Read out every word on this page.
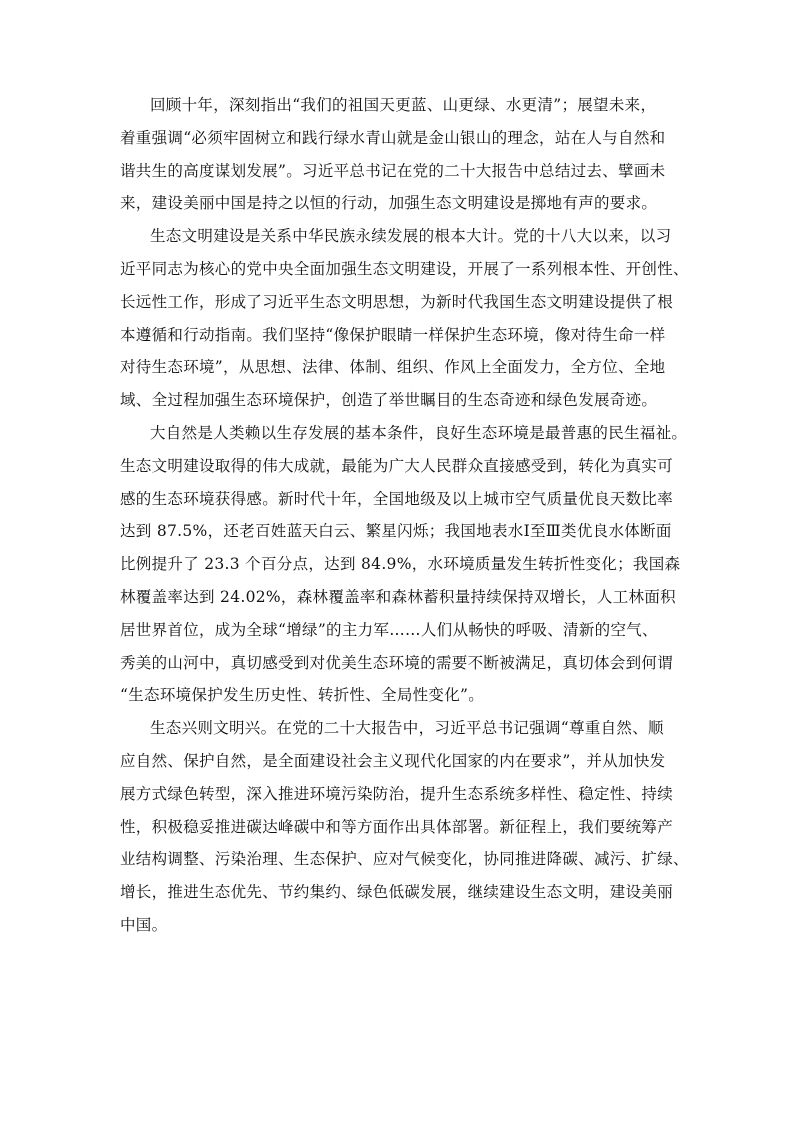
回顾十年，深刻指出“我们的祖国天更蓝、山更绿、水更清”；展望未来，
着重强调“必须牢固树立和践行绿水青山就是金山银山的理念，站在人与自然和
谐共生的高度谋划发展”。习近平总书记在党的二十大报告中总结过去、擘画未
来，建设美丽中国是持之以恒的行动，加强生态文明建设是掷地有声的要求。
生态文明建设是关系中华民族永续发展的根本大计。党的十八大以来，以习
近平同志为核心的党中央全面加强生态文明建设，开展了一系列根本性、开创性、
长远性工作，形成了习近平生态文明思想，为新时代我国生态文明建设提供了根
本遵循和行动指南。我们坚持“像保护眼睛一样保护生态环境，像对待生命一样
对待生态环境”，从思想、法律、体制、组织、作风上全面发力，全方位、全地
域、全过程加强生态环境保护，创造了举世瞩目的生态奇迹和绿色发展奇迹。
大自然是人类赖以生存发展的基本条件，良好生态环境是最普惠的民生福祉。
生态文明建设取得的伟大成就，最能为广大人民群众直接感受到，转化为真实可
感的生态环境获得感。新时代十年，全国地级及以上城市空气质量优良天数比率
达到 87.5%，还老百姓蓝天白云、繁星闪烁；我国地表水Ⅰ至Ⅲ类优良水体断面
比例提升了 23.3 个百分点，达到 84.9%，水环境质量发生转折性变化；我国森
林覆盖率达到 24.02%，森林覆盖率和森林蓄积量持续保持双增长，人工林面积
居世界首位，成为全球“增绿”的主力军……人们从畅快的呼吸、清新的空气、
秀美的山河中，真切感受到对优美生态环境的需要不断被满足，真切体会到何谓
“生态环境保护发生历史性、转折性、全局性变化”。
生态兴则文明兴。在党的二十大报告中，习近平总书记强调“尊重自然、顺
应自然、保护自然，是全面建设社会主义现代化国家的内在要求”，并从加快发
展方式绿色转型，深入推进环境污染防治，提升生态系统多样性、稳定性、持续
性，积极稳妥推进碳达峰碳中和等方面作出具体部署。新征程上，我们要统筹产
业结构调整、污染治理、生态保护、应对气候变化，协同推进降碳、减污、扩绿、
增长，推进生态优先、节约集约、绿色低碳发展，继续建设生态文明，建设美丽
中国。
